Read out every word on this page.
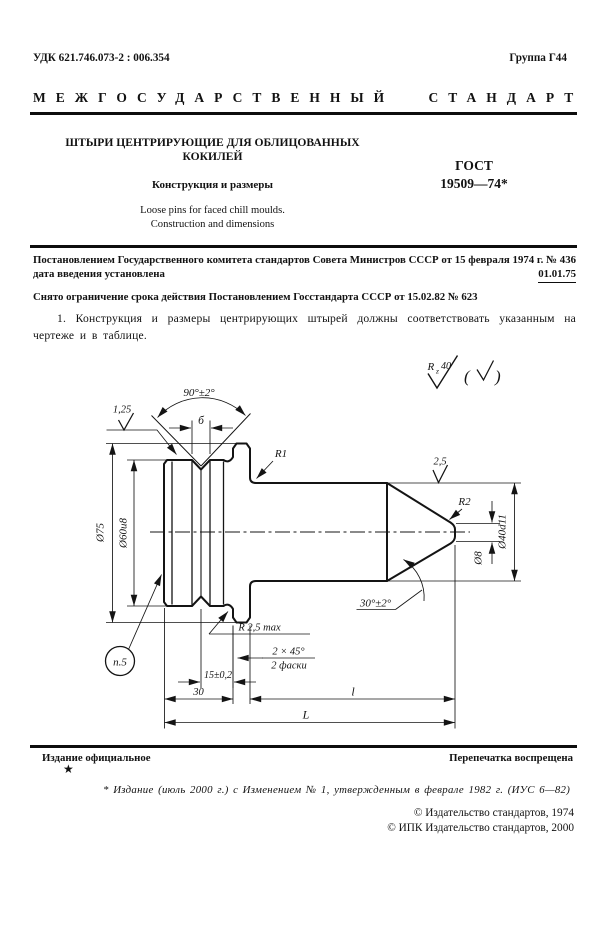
УДК 621.746.073-2 : 006.354	Группа Г44
МЕЖГОСУДАРСТВЕННЫЙ СТАНДАРТ
ШТЫРИ ЦЕНТРИРУЮЩИЕ ДЛЯ ОБЛИЦОВАННЫХ
КОКИЛЕЙ
Конструкция и размеры
Loose pins for faced chill moulds.
Construction and dimensions
ГОСТ
19509—74*
Постановлением Государственного комитета стандартов Совета Министров СССР от 15 февраля 1974 г. № 436
дата введения установлена	01.01.75
Снято ограничение срока действия Постановлением Госстандарта СССР от 15.02.82 № 623
1. Конструкция и размеры центрирующих штырей должны соответствовать указанным на чертеже и в таблице.
90°±2°
б
1,25
R1
2,5
R2
Ø75 Ø60u8	Ø40d11
Ø8
30°±2°
R 2,5 max
2 × 45°
2 фаски
15±0,2
30	l
L
п.5
R z 40
( )
Издание официальное	Перепечатка воспрещена
★
* Издание (июль 2000 г.) с Изменением № 1, утвержденным в феврале 1982 г. (ИУС 6—82)
© Издательство стандартов, 1974
© ИПК Издательство стандартов, 2000
